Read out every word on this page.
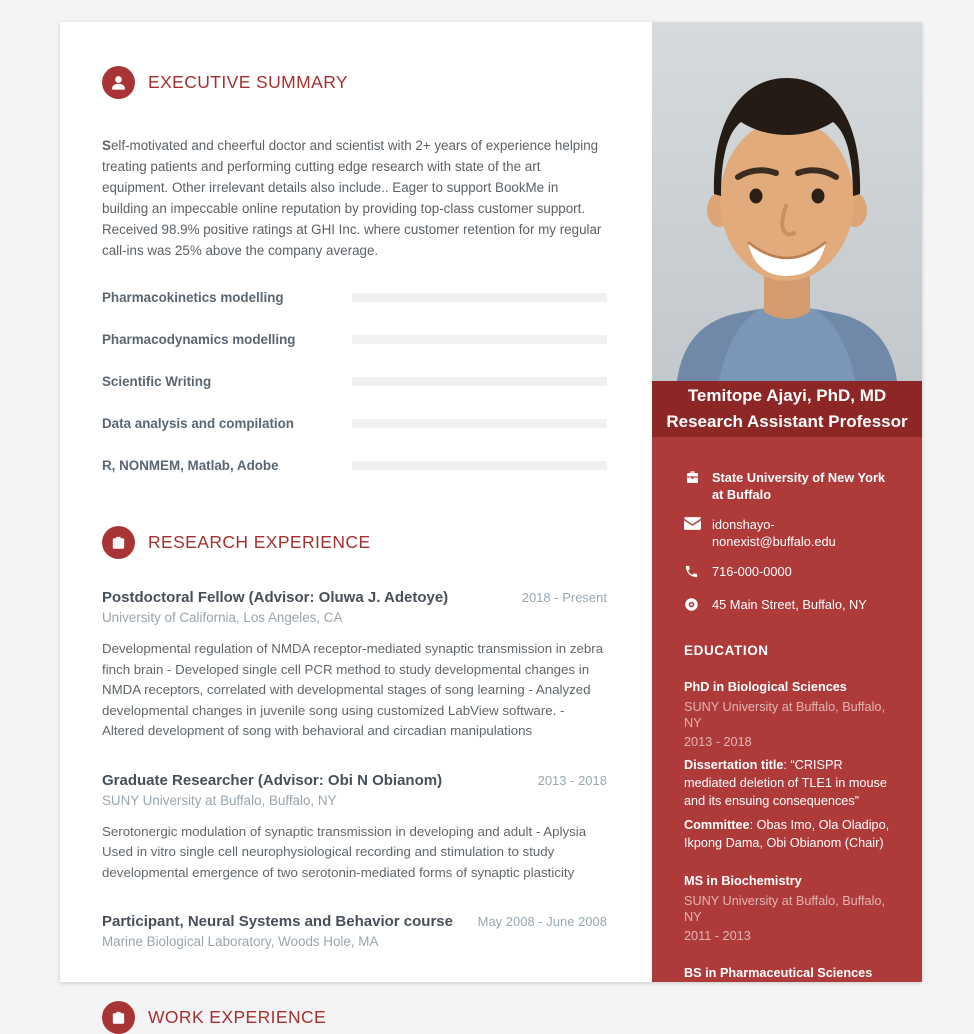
EXECUTIVE SUMMARY
Self-motivated and cheerful doctor and scientist with 2+ years of experience helping treating patients and performing cutting edge research with state of the art equipment. Other irrelevant details also include.. Eager to support BookMe in building an impeccable online reputation by providing top-class customer support. Received 98.9% positive ratings at GHI Inc. where customer retention for my regular call-ins was 25% above the company average.
Pharmacokinetics modelling
Pharmacodynamics modelling
Scientific Writing
Data analysis and compilation
R, NONMEM, Matlab, Adobe
RESEARCH EXPERIENCE
Postdoctoral Fellow (Advisor: Oluwa J. Adetoye)	2018 - Present
University of California, Los Angeles, CA
Developmental regulation of NMDA receptor-mediated synaptic transmission in zebra finch brain - Developed single cell PCR method to study developmental changes in NMDA receptors, correlated with developmental stages of song learning - Analyzed developmental changes in juvenile song using customized LabView software. - Altered development of song with behavioral and circadian manipulations
Graduate Researcher (Advisor: Obi N Obianom)	2013 - 2018
SUNY University at Buffalo, Buffalo, NY
Serotonergic modulation of synaptic transmission in developing and adult - Aplysia Used in vitro single cell neurophysiological recording and stimulation to study developmental emergence of two serotonin-mediated forms of synaptic plasticity
Participant, Neural Systems and Behavior course May 2008 - June 2008
Marine Biological Laboratory, Woods Hole, MA
WORK EXPERIENCE
Temitope Ajayi, PhD, MD
Research Assistant Professor
State University of New York at Buffalo
idonshayo-nonexist@buffalo.edu
716-000-0000
45 Main Street, Buffalo, NY
EDUCATION
PhD in Biological Sciences
SUNY University at Buffalo, Buffalo, NY
2013 - 2018
Dissertation title: “CRISPR mediated deletion of TLE1 in mouse and its ensuing consequences”
Committee: Obas Imo, Ola Oladipo, Ikpong Dama, Obi Obianom (Chair)
MS in Biochemistry
SUNY University at Buffalo, Buffalo, NY
2011 - 2013
BS in Pharmaceutical Sciences
